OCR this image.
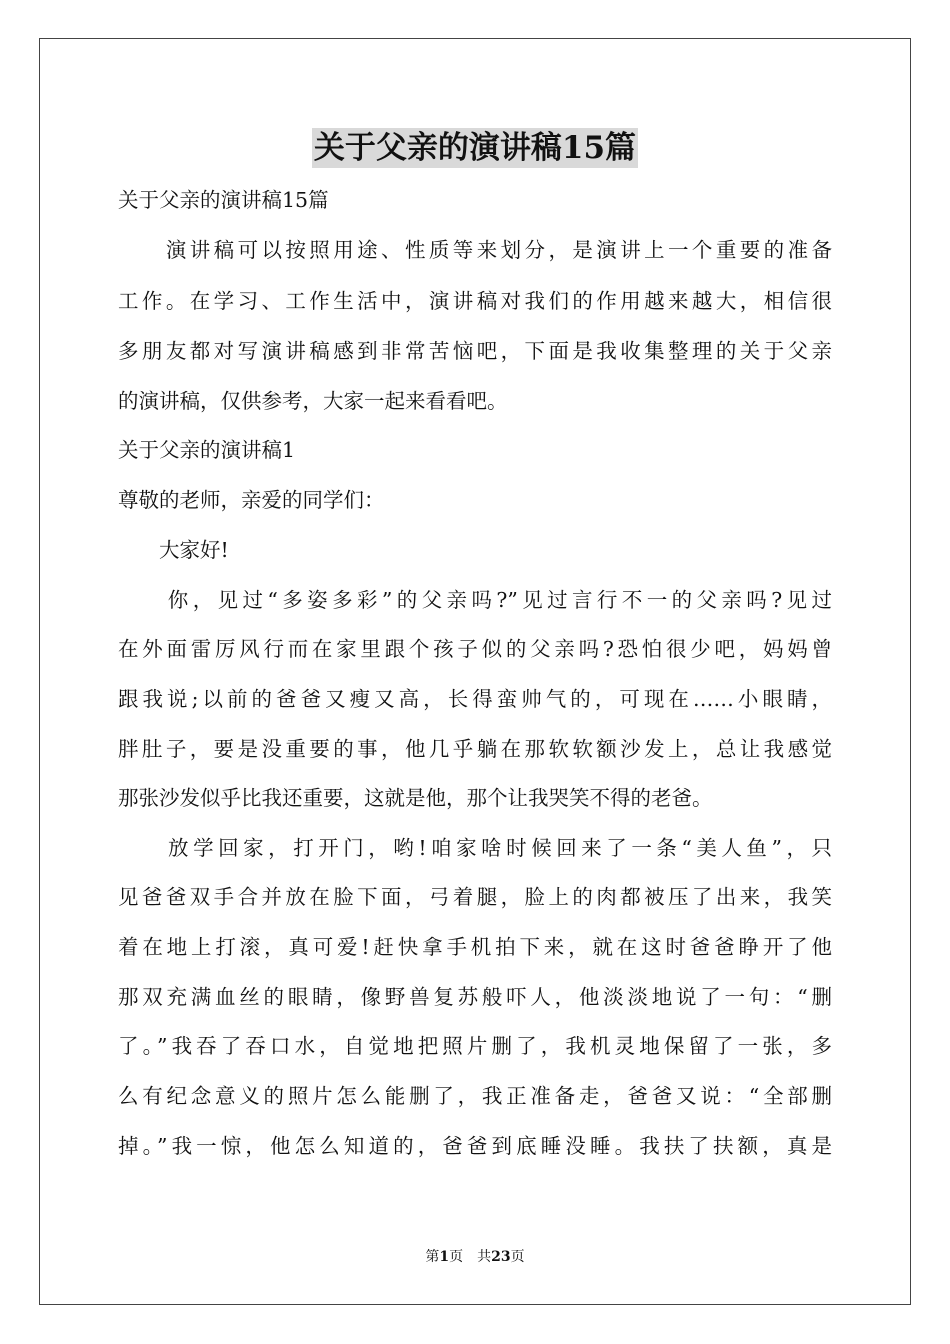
关于父亲的演讲稿15篇
关于父亲的演讲稿15篇
　　演讲稿可以按照用途、性质等来划分，是演讲上一个重要的准备
工作。在学习、工作生活中，演讲稿对我们的作用越来越大，相信很
多朋友都对写演讲稿感到非常苦恼吧，下面是我收集整理的关于父亲
的演讲稿，仅供参考，大家一起来看看吧。
关于父亲的演讲稿1
尊敬的老师，亲爱的同学们：
　　大家好!
　　你，见过“多姿多彩”的父亲吗?”见过言行不一的父亲吗?见过
在外面雷厉风行而在家里跟个孩子似的父亲吗?恐怕很少吧，妈妈曾
跟我说;以前的爸爸又瘦又高，长得蛮帅气的，可现在……小眼睛，
胖肚子，要是没重要的事，他几乎躺在那软软额沙发上，总让我感觉
那张沙发似乎比我还重要，这就是他，那个让我哭笑不得的老爸。
　　放学回家，打开门，哟!咱家啥时候回来了一条“美人鱼”，只
见爸爸双手合并放在脸下面，弓着腿，脸上的肉都被压了出来，我笑
着在地上打滚，真可爱!赶快拿手机拍下来，就在这时爸爸睁开了他
那双充满血丝的眼睛，像野兽复苏般吓人，他淡淡地说了一句：“删
了。”我吞了吞口水，自觉地把照片删了，我机灵地保留了一张，多
么有纪念意义的照片怎么能删了，我正准备走，爸爸又说：“全部删
掉。”我一惊，他怎么知道的，爸爸到底睡没睡。我扶了扶额，真是
第1页　共23页
